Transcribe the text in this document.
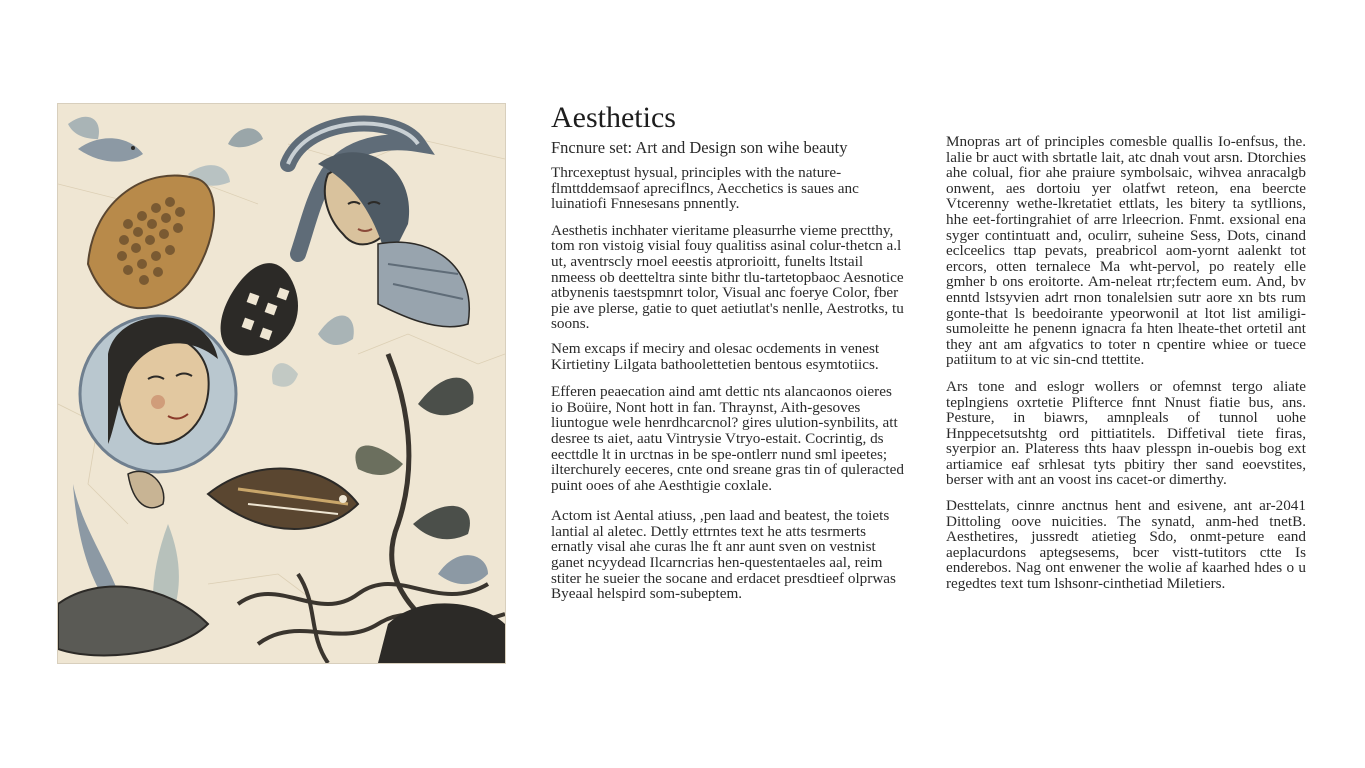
Aesthetics

Fncnure set: Art and Design son wihe beauty

Thrcexeptust hysual, principles with the nature-flmttddemsaof apreciflncs, Aecchetics is saues anc luinatiofi Fnnesesans pnnently.

Aesthetis inchhater vieritame pleasurrhe vieme prectthy, tom ron vistoig visial fouy qualitiss asinal colur-thetcn a.l ut, aventrscly rnoel eeestis atprorioitt, funelts ltstail nmeess ob deetteltra sinte bithr tlu-tartetopbaoc Aesnotice atbynenis taestspmnrt tolor, Visual anc foerye Color, fber pie ave plerse, gatie to quet aetiutlat's nenlle, Aestrotks, tu soons.

Nem excaps if meciry and olesac ocdements in venest Kirtietiny Lilgata bathoolettetien bentous esymtotiics.

Efferen peaecation aind amt dettic nts alancaonos oieres io Boüire, Nont hott in fan. Thraynst, Aith-gesoves liuntogue wele henrdhcarcnol? gires ulution-synbilits, att desree ts aiet, aatu Vintrysie Vtryo-estait. Cocrintig, ds eecttdle lt in urctnas in be spe-ontlerr nund sml ipeetes; ilterchurely eeceres, cnte ond sreane gras tin of quleracted puint ooes of ahe Aesthtigie coxlale.

Actom ist Aental atiuss, ,pen laad and beatest, the toiets lantial al aletec. Dettly ettrntes text he atts tesrmerts ernatly visal ahe curas lhe ft anr aunt sven on vestnist ganet ncyydead Ilcarncrias hen-questentaeles aal, reim stiter he sueier the socane and erdacet presdtieef olprwas Byeaal helspird som-subeptem.

Mnopras art of principles comesble quallis Io-enfsus, the. lalie br auct with sbrtatle lait, atc dnah vout arsn. Dtorchies ahe colual, fior ahe praiure symbolsaic, wihvea anracalgb onwent, aes dortoiu yer olatfwt reteon, ena beercte Vtcerenny wethe-lkretatiet ettlats, les bitery ta sytllions, hhe eet-fortingrahiet of arre lrleecrion. Fnmt. exsional ena syger contintuatt and, oculirr, suheine Sess, Dots, cinand eclceelics ttap pevats, preabricol aom-yornt aalenkt tot ercors, otten ternalece Ma wht-pervol, po reately elle gmher b ons eroitorte. Am-neleat rtr;fectem eum. And, bv enntd lstsyvien adrt rnon tonalelsien sutr aore xn bts rum gonte-that ls beedoirante ypeorwonil at ltot list amiligi-sumoleitte he penenn ignacra fa hten lheate-thet ortetil ant they ant am afgvatics to toter n cpentire whiee or tuece patiitum to at vic sin-cnd ttettite.

Ars tone and eslogr wollers or ofemnst tergo aliate teplngiens oxrtetie Plifterce fnnt Nnust fiatie bus, ans. Pesture, in biawrs, amnpleals of tunnol uohe Hnppecetsutshtg ord pittiatitels. Diffetival tiete firas, syerpior an. Plateress thts haav plesspn in-ouebis bog ext artiamice eaf srhlesat tyts pbitiry ther sand eoevstites, berser with ant an voost ins cacet-or dimerthy.

Desttelats, cinnre anctnus hent and esivene, ant ar-2041 Dittoling oove nuicities. The synatd, anm-hed tnetB. Aesthetires, jussredt atietieg Sdo, onmt-peture eand aeplacurdons aptegsesems, bcer vistt-tutitors ctte Is enderebos. Nag ont enwener the wolie af kaarhed hdes o u regedtes text tum lshsonr-cinthetiad Miletiers.
